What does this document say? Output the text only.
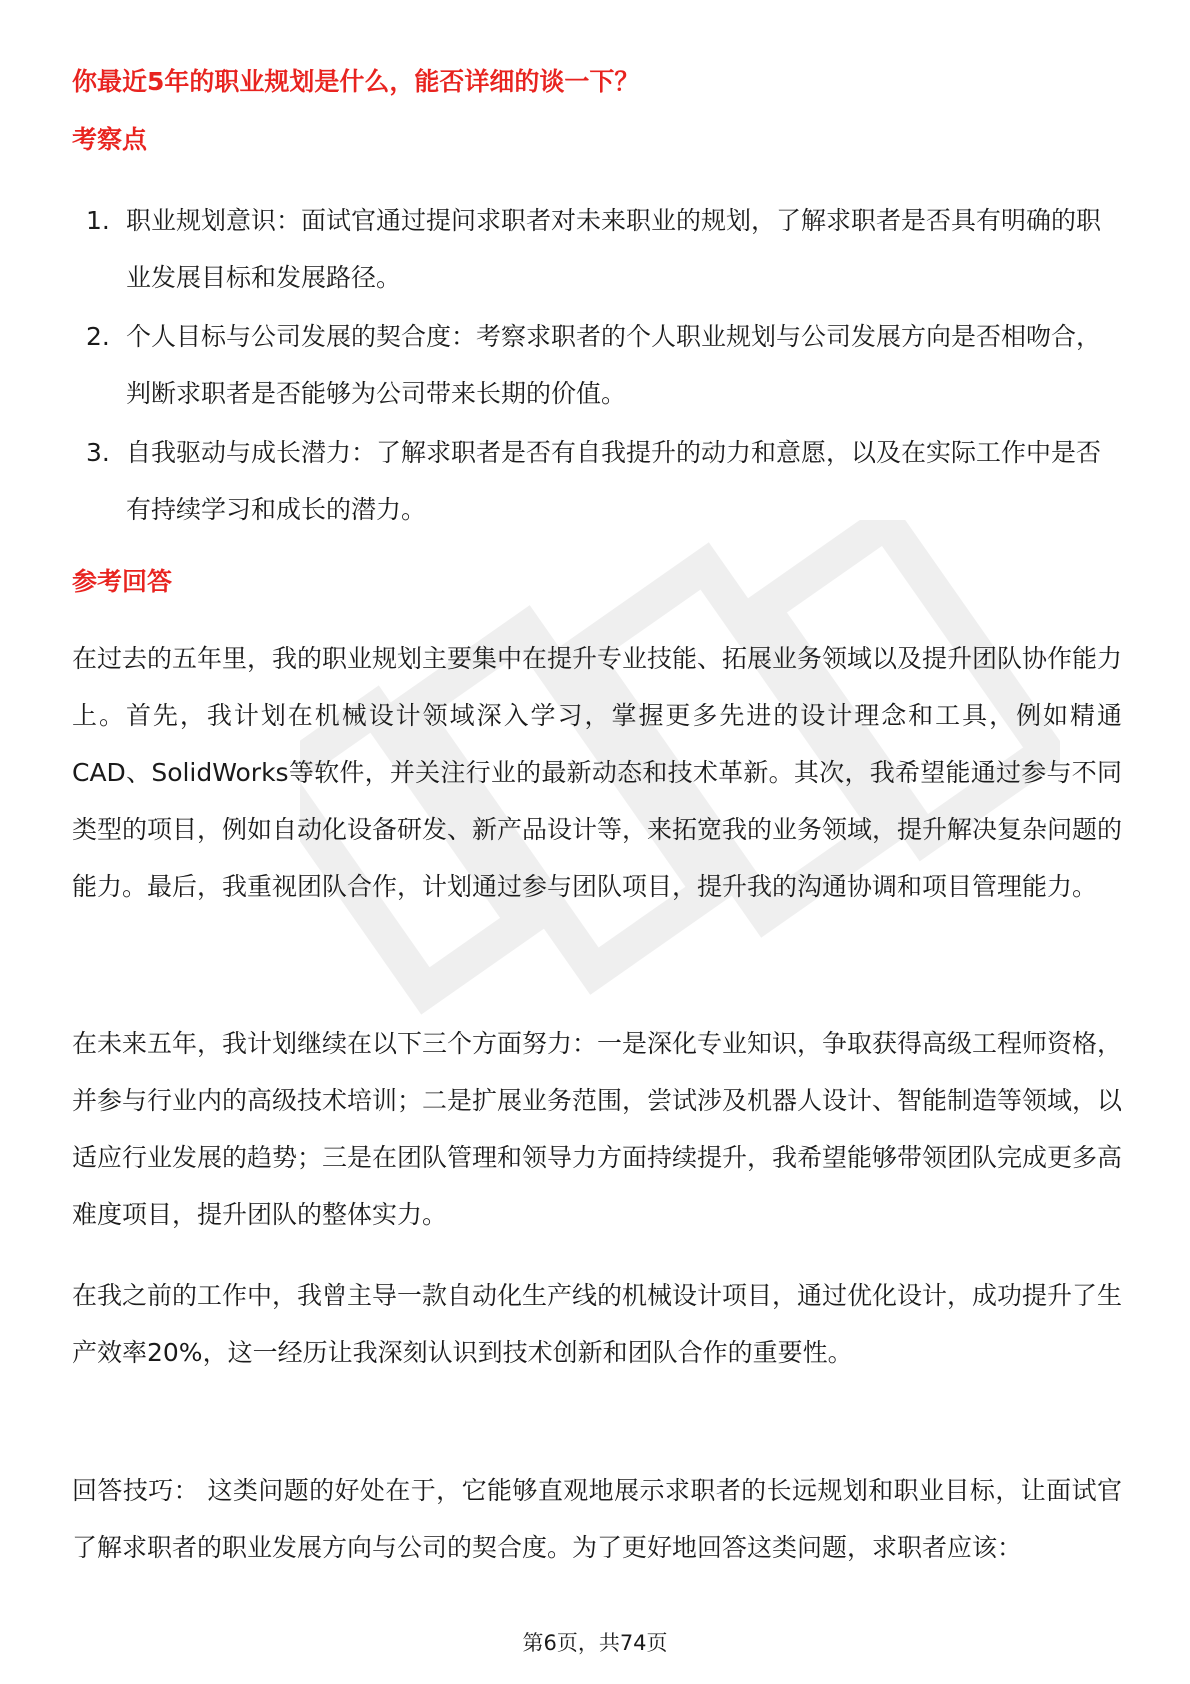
你最近5年的职业规划是什么，能否详细的谈一下？
考察点
1. 职业规划意识：面试官通过提问求职者对未来职业的规划，了解求职者是否具有明确的职业发展目标和发展路径。
2. 个人目标与公司发展的契合度：考察求职者的个人职业规划与公司发展方向是否相吻合，判断求职者是否能够为公司带来长期的价值。
3. 自我驱动与成长潜力：了解求职者是否有自我提升的动力和意愿，以及在实际工作中是否有持续学习和成长的潜力。
参考回答

在过去的五年里，我的职业规划主要集中在提升专业技能、拓展业务领域以及提升团队协作能力上。首先，我计划在机械设计领域深入学习，掌握更多先进的设计理念和工具，例如精通CAD、SolidWorks等软件，并关注行业的最新动态和技术革新。其次，我希望能通过参与不同类型的项目，例如自动化设备研发、新产品设计等，来拓宽我的业务领域，提升解决复杂问题的能力。最后，我重视团队合作，计划通过参与团队项目，提升我的沟通协调和项目管理能力。

在未来五年，我计划继续在以下三个方面努力：一是深化专业知识，争取获得高级工程师资格，并参与行业内的高级技术培训；二是扩展业务范围，尝试涉及机器人设计、智能制造等领域，以适应行业发展的趋势；三是在团队管理和领导力方面持续提升，我希望能够带领团队完成更多高难度项目，提升团队的整体实力。

在我之前的工作中，我曾主导一款自动化生产线的机械设计项目，通过优化设计，成功提升了生产效率20%，这一经历让我深刻认识到技术创新和团队合作的重要性。

回答技巧： 这类问题的好处在于，它能够直观地展示求职者的长远规划和职业目标，让面试官了解求职者的职业发展方向与公司的契合度。为了更好地回答这类问题，求职者应该：

第6页，共74页
